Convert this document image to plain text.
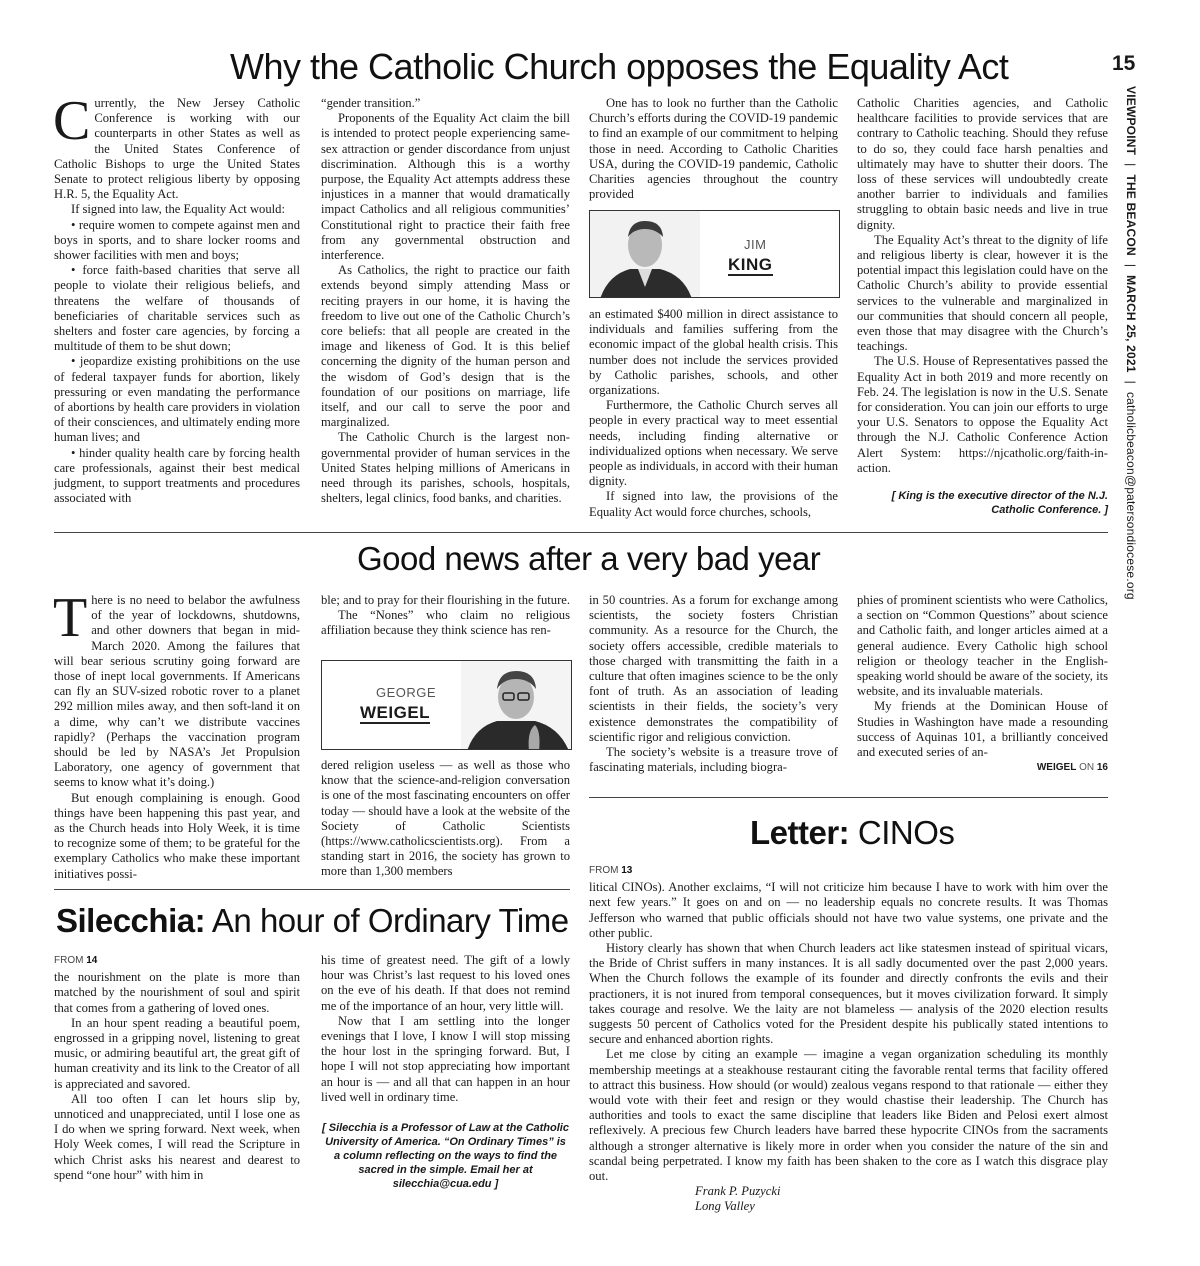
15
VIEWPOINT|THE BEACON|MARCH 25, 2021|catholicbeacon@patersondiocese.org
Why the Catholic Church opposes the Equality Act

Currently, the New Jersey Catholic Conference is working with our counterparts in other States as well as the United States Conference of Catholic Bishops to urge the United States Senate to protect religious liberty by opposing H.R. 5, the Equality Act.

If signed into law, the Equality Act would:

• require women to compete against men and boys in sports, and to share locker rooms and shower facilities with men and boys;

• force faith-based charities that serve all people to violate their religious beliefs, and threatens the welfare of thousands of beneficiaries of charitable services such as shelters and foster care agencies, by forcing a multitude of them to be shut down;

• jeopardize existing prohibitions on the use of federal taxpayer funds for abortion, likely pressuring or even mandating the performance of abortions by health care providers in violation of their consciences, and ultimately ending more human lives; and

• hinder quality health care by forcing health care professionals, against their best medical judgment, to support treatments and procedures associated with

“gender transition.”

Proponents of the Equality Act claim the bill is intended to protect people experiencing same-sex attraction or gender discordance from unjust discrimination. Although this is a worthy purpose, the Equality Act attempts address these injustices in a manner that would dramatically impact Catholics and all religious communities’ Constitutional right to practice their faith free from any governmental obstruction and interference.

As Catholics, the right to practice our faith extends beyond simply attending Mass or reciting prayers in our home, it is having the freedom to live out one of the Catholic Church’s core beliefs: that all people are created in the image and likeness of God. It is this belief concerning the dignity of the human person and the wisdom of God’s design that is the foundation of our positions on marriage, life itself, and our call to serve the poor and marginalized.

The Catholic Church is the largest non-governmental provider of human services in the United States helping millions of Americans in need through its parishes, schools, hospitals, shelters, legal clinics, food banks, and charities.

One has to look no further than the Catholic Church’s efforts during the COVID-19 pandemic to find an example of our commitment to helping those in need. According to Catholic Charities USA, during the COVID-19 pandemic, Catholic Charities agencies throughout the country provided

JIM
KING

an estimated $400 million in direct assistance to individuals and families suffering from the economic impact of the global health crisis. This number does not include the services provided by Catholic parishes, schools, and other organizations.

Furthermore, the Catholic Church serves all people in every practical way to meet essential needs, including finding alternative or individualized options when necessary. We serve people as individuals, in accord with their human dignity.

If signed into law, the provisions of the Equality Act would force churches, schools,

Catholic Charities agencies, and Catholic healthcare facilities to provide services that are contrary to Catholic teaching. Should they refuse to do so, they could face harsh penalties and ultimately may have to shutter their doors. The loss of these services will undoubtedly create another barrier to individuals and families struggling to obtain basic needs and live in true dignity.

The Equality Act’s threat to the dignity of life and religious liberty is clear, however it is the potential impact this legislation could have on the Catholic Church’s ability to provide essential services to the vulnerable and marginalized in our communities that should concern all people, even those that may disagree with the Church’s teachings.

The U.S. House of Representatives passed the Equality Act in both 2019 and more recently on Feb. 24. The legislation is now in the U.S. Senate for consideration. You can join our efforts to urge your U.S. Senators to oppose the Equality Act through the N.J. Catholic Conference Action Alert System: https://njcatholic.org/faith-in-action.

[ King is the executive director of the N.J. Catholic Conference. ]
Good news after a very bad year

There is no need to belabor the awfulness of the year of lockdowns, shutdowns, and other downers that began in mid-March 2020. Among the failures that will bear serious scrutiny going forward are those of inept local governments. If Americans can fly an SUV-sized robotic rover to a planet 292 million miles away, and then soft-land it on a dime, why can’t we distribute vaccines rapidly? (Perhaps the vaccination program should be led by NASA’s Jet Propulsion Laboratory, one agency of government that seems to know what it’s doing.)

But enough complaining is enough. Good things have been happening this past year, and as the Church heads into Holy Week, it is time to recognize some of them; to be grateful for the exemplary Catholics who make these important initiatives possi-

ble; and to pray for their flourishing in the future.

The “Nones” who claim no religious affiliation because they think science has ren-

GEORGE
WEIGEL

dered religion useless — as well as those who know that the science-and-religion conversation is one of the most fascinating encounters on offer today — should have a look at the website of the Society of Catholic Scientists (https://www.catholicscientists.org). From a standing start in 2016, the society has grown to more than 1,300 members

in 50 countries. As a forum for exchange among scientists, the society fosters Christian community. As a resource for the Church, the society offers accessible, credible materials to those charged with transmitting the faith in a culture that often imagines science to be the only font of truth. As an association of leading scientists in their fields, the society’s very existence demonstrates the compatibility of scientific rigor and religious conviction.

The society’s website is a treasure trove of fascinating materials, including biogra-

phies of prominent scientists who were Catholics, a section on “Common Questions” about science and Catholic faith, and longer articles aimed at a general audience. Every Catholic high school religion or theology teacher in the English-speaking world should be aware of the society, its website, and its invaluable materials.

My friends at the Dominican House of Studies in Washington have made a resounding success of Aquinas 101, a brilliantly conceived and executed series of an-

WEIGEL ON 16
Silecchia: An hour of Ordinary Time
FROM 14

the nourishment on the plate is more than matched by the nourishment of soul and spirit that comes from a gathering of loved ones.

In an hour spent reading a beautiful poem, engrossed in a gripping novel, listening to great music, or admiring beautiful art, the great gift of human creativity and its link to the Creator of all is appreciated and savored.

All too often I can let hours slip by, unnoticed and unappreciated, until I lose one as I do when we spring forward. Next week, when Holy Week comes, I will read the Scripture in which Christ asks his nearest and dearest to spend “one hour” with him in

his time of greatest need. The gift of a lowly hour was Christ’s last request to his loved ones on the eve of his death. If that does not remind me of the importance of an hour, very little will.

Now that I am settling into the longer evenings that I love, I know I will stop missing the hour lost in the springing forward. But, I hope I will not stop appreciating how important an hour is — and all that can happen in an hour lived well in ordinary time.

[ Silecchia is a Professor of Law at the Catholic University of America. “On Ordinary Times” is a column reflecting on the ways to find the sacred in the simple. Email her at silecchia@cua.edu ]
Letter: CINOs
FROM 13

litical CINOs). Another exclaims, “I will not criticize him because I have to work with him over the next few years.” It goes on and on — no leadership equals no concrete results. It was Thomas Jefferson who warned that public officials should not have two value systems, one private and the other public.

History clearly has shown that when Church leaders act like statesmen instead of spiritual vicars, the Bride of Christ suffers in many instances. It is all sadly documented over the past 2,000 years. When the Church follows the example of its founder and directly confronts the evils and their practioners, it is not inured from temporal consequences, but it moves civilization forward. It simply takes courage and resolve. We the laity are not blameless — analysis of the 2020 election results suggests 50 percent of Catholics voted for the President despite his publically stated intentions to secure and enhanced abortion rights.

Let me close by citing an example — imagine a vegan organization scheduling its monthly membership meetings at a steakhouse restaurant citing the favorable rental terms that facility offered to attract this business. How should (or would) zealous vegans respond to that rationale — either they would vote with their feet and resign or they would chastise their leadership. The Church has authorities and tools to exact the same discipline that leaders like Biden and Pelosi exert almost reflexively. A precious few Church leaders have barred these hypocrite CINOs from the sacraments although a stronger alternative is likely more in order when you consider the nature of the sin and scandal being perpetrated. I know my faith has been shaken to the core as I watch this disgrace play out.

Frank P. Puzycki
Long Valley
